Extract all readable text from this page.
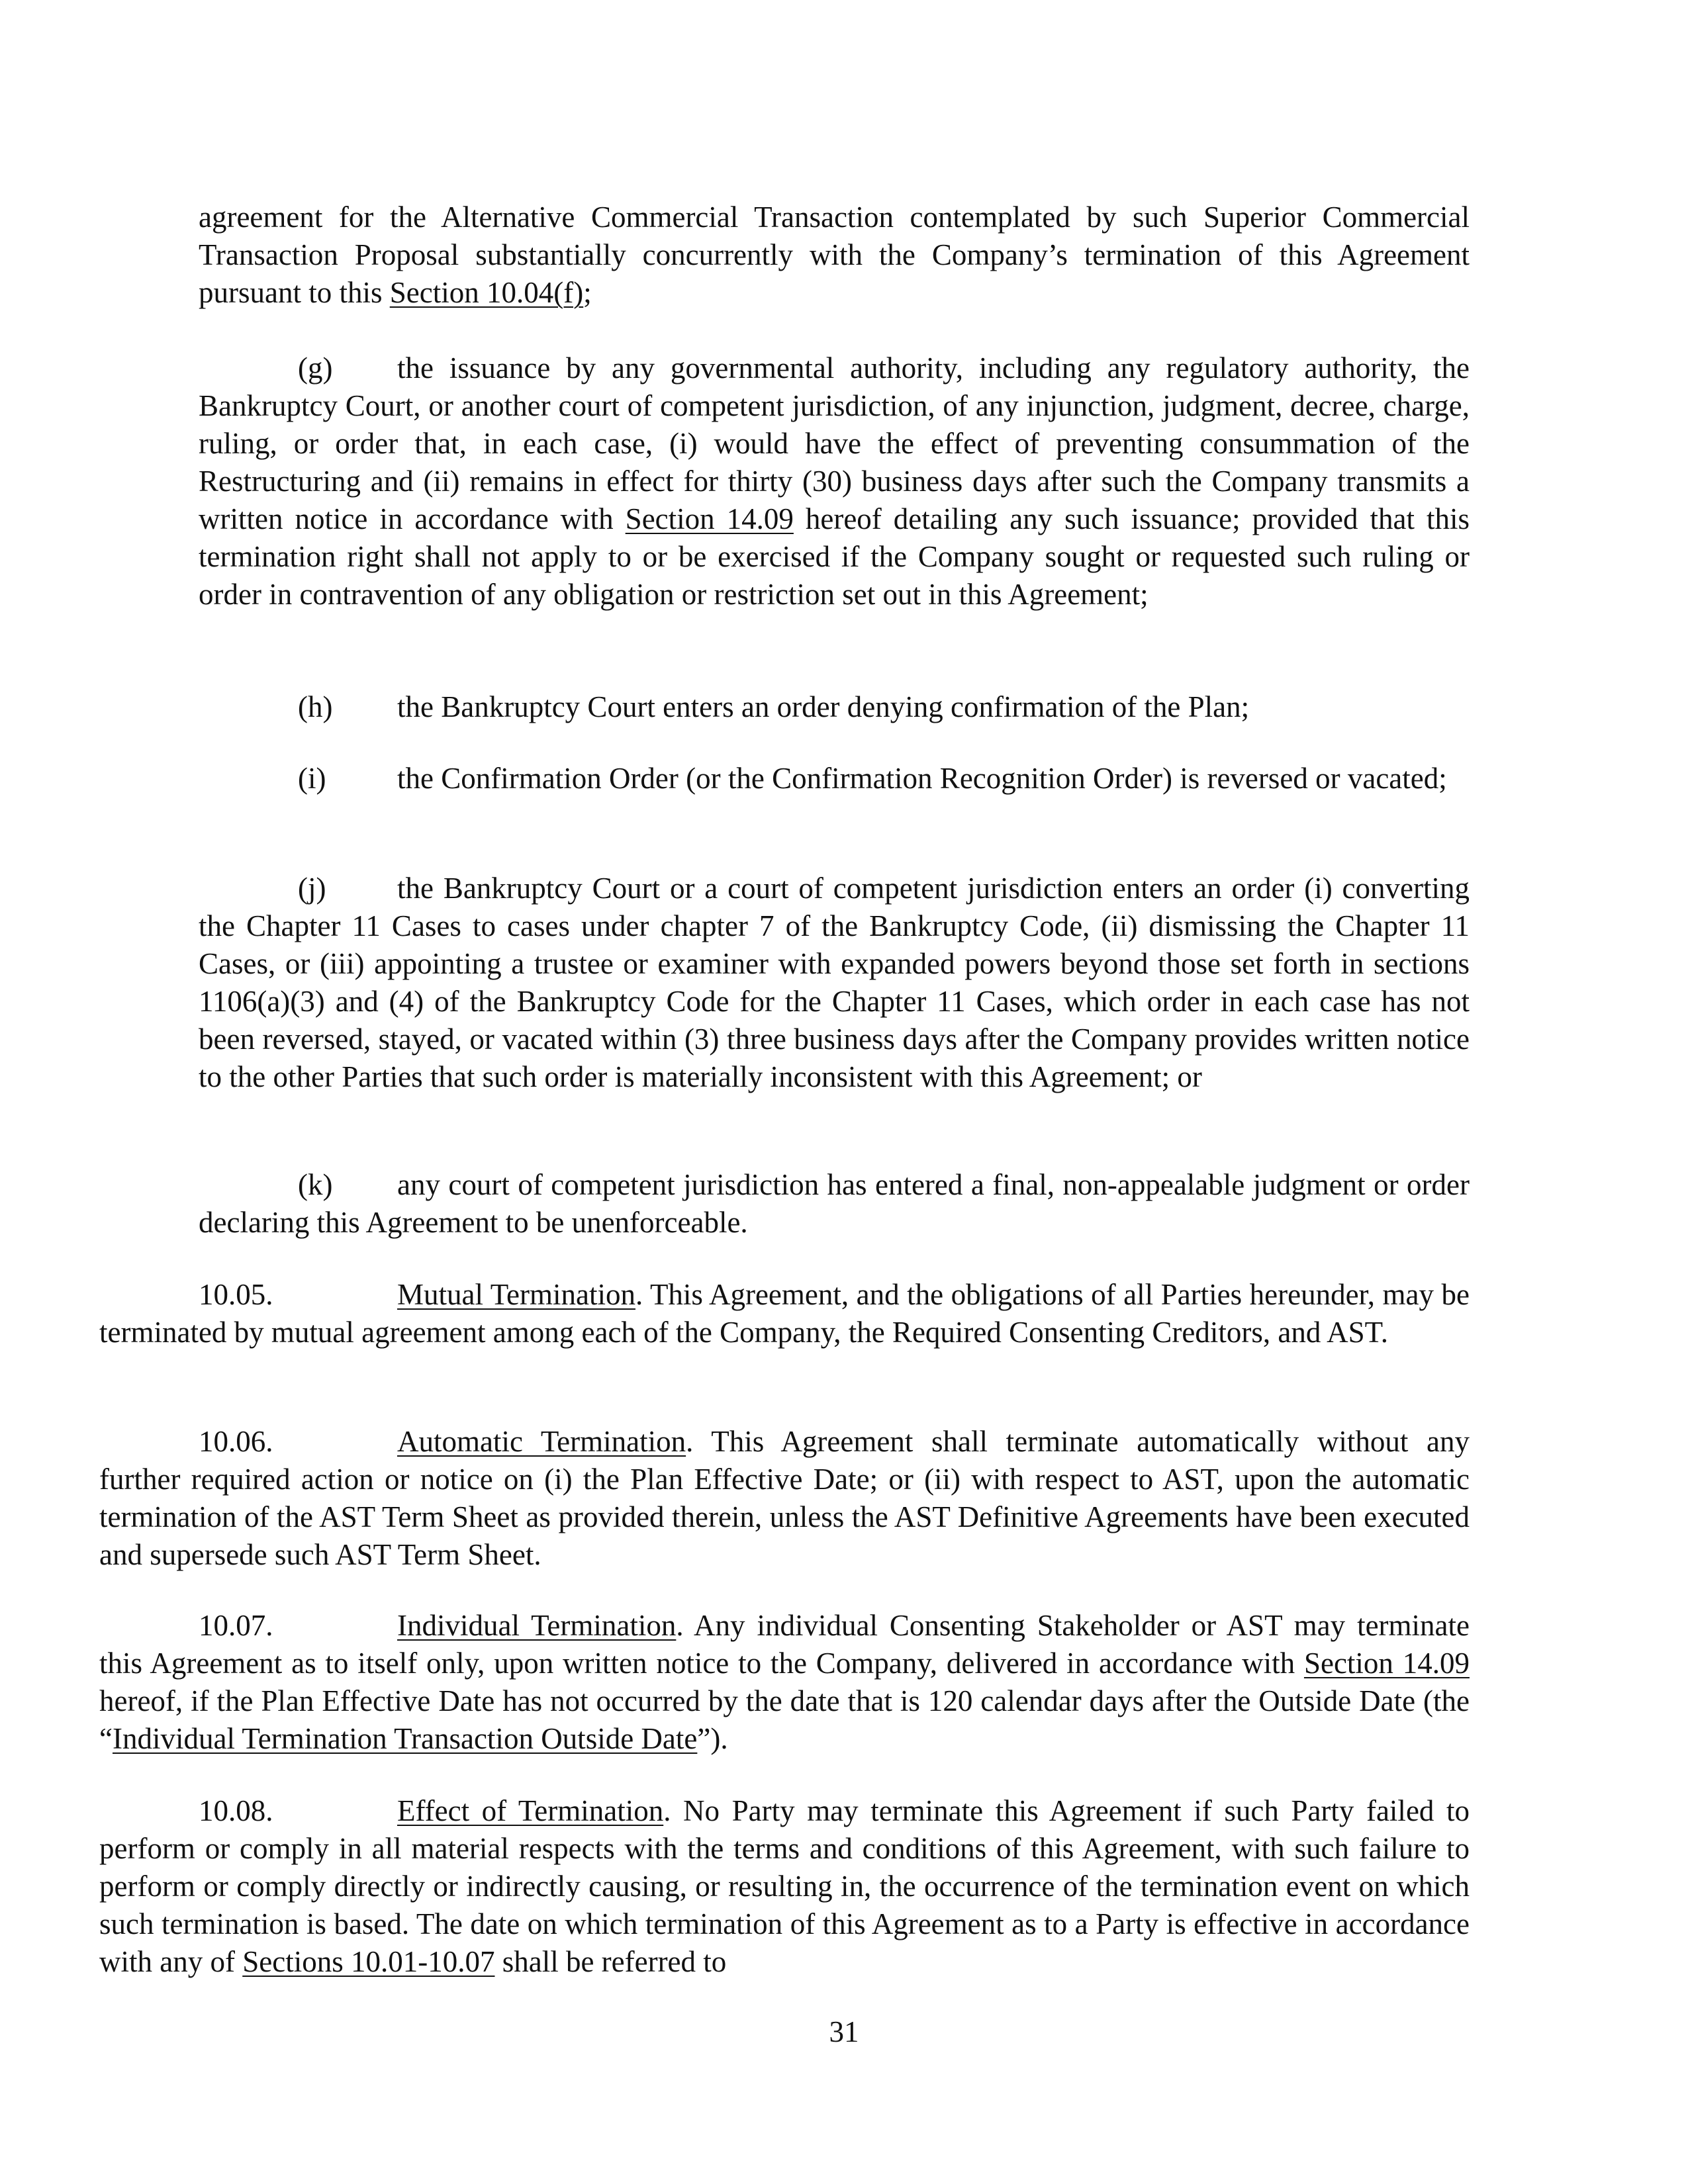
agreement for the Alternative Commercial Transaction contemplated by such Superior Commercial Transaction Proposal substantially concurrently with the Company’s termination of this Agreement pursuant to this Section 10.04(f);

(g) the issuance by any governmental authority, including any regulatory authority, the Bankruptcy Court, or another court of competent jurisdiction, of any injunction, judgment, decree, charge, ruling, or order that, in each case, (i) would have the effect of preventing consummation of the Restructuring and (ii) remains in effect for thirty (30) business days after such the Company transmits a written notice in accordance with Section 14.09 hereof detailing any such issuance; provided that this termination right shall not apply to or be exercised if the Company sought or requested such ruling or order in contravention of any obligation or restriction set out in this Agreement;

(h) the Bankruptcy Court enters an order denying confirmation of the Plan;

(i) the Confirmation Order (or the Confirmation Recognition Order) is reversed or vacated;

(j) the Bankruptcy Court or a court of competent jurisdiction enters an order (i) converting the Chapter 11 Cases to cases under chapter 7 of the Bankruptcy Code, (ii) dismissing the Chapter 11 Cases, or (iii) appointing a trustee or examiner with expanded powers beyond those set forth in sections 1106(a)(3) and (4) of the Bankruptcy Code for the Chapter 11 Cases, which order in each case has not been reversed, stayed, or vacated within (3) three business days after the Company provides written notice to the other Parties that such order is materially inconsistent with this Agreement; or

(k) any court of competent jurisdiction has entered a final, non-appealable judgment or order declaring this Agreement to be unenforceable.

10.05.	Mutual Termination. This Agreement, and the obligations of all Parties hereunder, may be terminated by mutual agreement among each of the Company, the Required Consenting Creditors, and AST.

10.06.	Automatic Termination. This Agreement shall terminate automatically without any further required action or notice on (i) the Plan Effective Date; or (ii) with respect to AST, upon the automatic termination of the AST Term Sheet as provided therein, unless the AST Definitive Agreements have been executed and supersede such AST Term Sheet.

10.07.	Individual Termination. Any individual Consenting Stakeholder or AST may terminate this Agreement as to itself only, upon written notice to the Company, delivered in accordance with Section 14.09 hereof, if the Plan Effective Date has not occurred by the date that is 120 calendar days after the Outside Date (the “Individual Termination Transaction Outside Date”).

10.08.	Effect of Termination. No Party may terminate this Agreement if such Party failed to perform or comply in all material respects with the terms and conditions of this Agreement, with such failure to perform or comply directly or indirectly causing, or resulting in, the occurrence of the termination event on which such termination is based. The date on which termination of this Agreement as to a Party is effective in accordance with any of Sections 10.01-10.07 shall be referred to

31
